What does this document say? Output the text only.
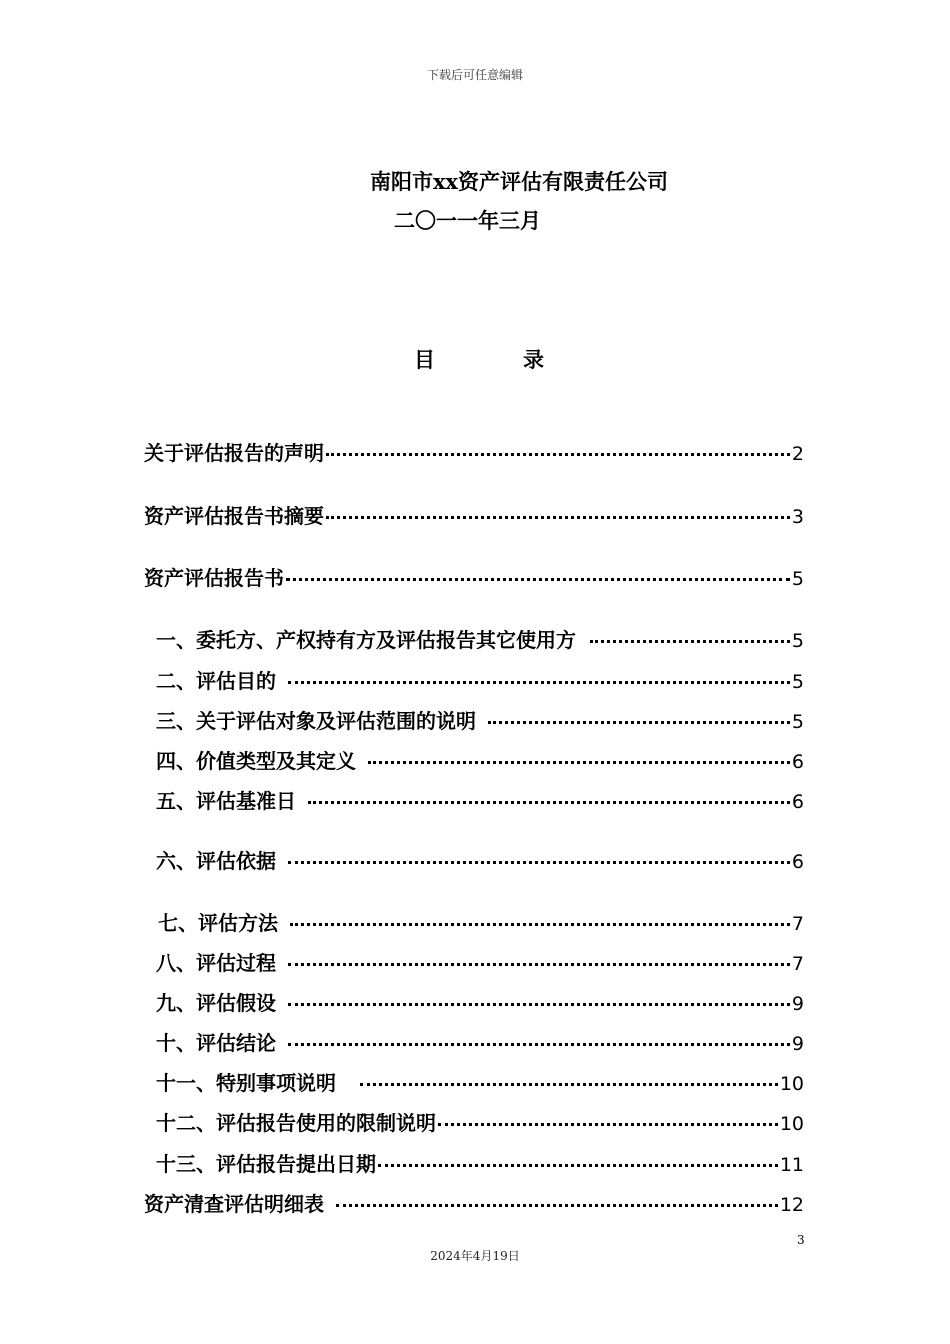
下载后可任意编辑
南阳市xx资产评估有限责任公司
二〇一一年三月
目	录
关于评估报告的声明	2
资产评估报告书摘要	3
资产评估报告书	5
一、委托方、产权持有方及评估报告其它使用方	5
二、评估目的	5
三、关于评估对象及评估范围的说明	5
四、价值类型及其定义	6
五、评估基准日	6
六、评估依据	6
七、评估方法	7
八、评估过程	7
九、评估假设	9
十、评估结论	9
十一、特别事项说明	10
十二、评估报告使用的限制说明	10
十三、评估报告提出日期	11
资产清查评估明细表	12
3
2024年4月19日
